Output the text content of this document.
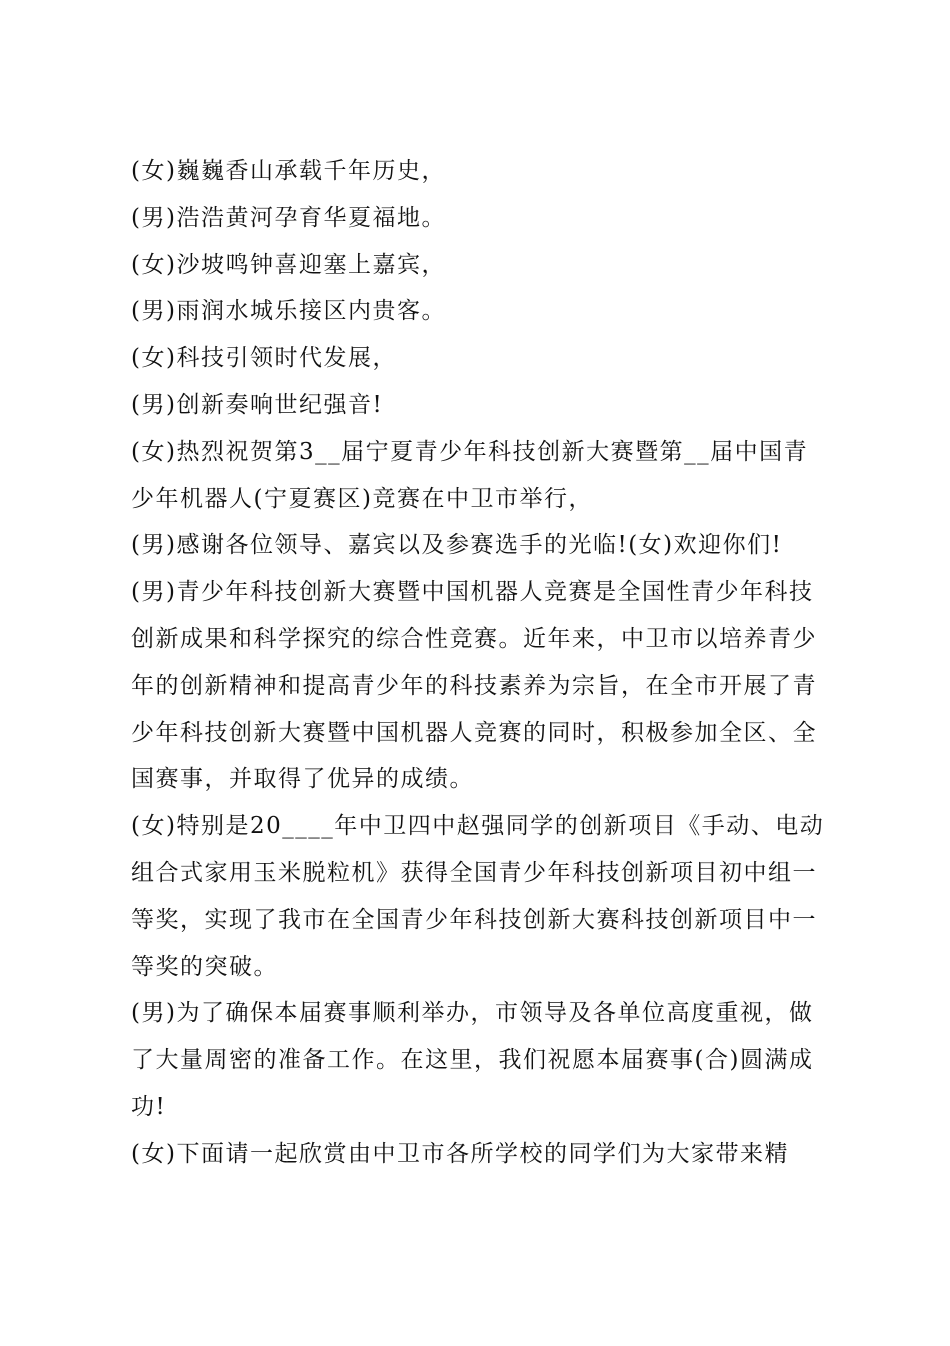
(女)巍巍香山承载千年历史，

(男)浩浩黄河孕育华夏福地。

(女)沙坡鸣钟喜迎塞上嘉宾，

(男)雨润水城乐接区内贵客。

(女)科技引领时代发展，

(男)创新奏响世纪强音!

(女)热烈祝贺第3__届宁夏青少年科技创新大赛暨第__届中国青少年机器人(宁夏赛区)竞赛在中卫市举行，

(男)感谢各位领导、嘉宾以及参赛选手的光临!(女)欢迎你们!

(男)青少年科技创新大赛暨中国机器人竞赛是全国性青少年科技创新成果和科学探究的综合性竞赛。近年来，中卫市以培养青少年的创新精神和提高青少年的科技素养为宗旨，在全市开展了青少年科技创新大赛暨中国机器人竞赛的同时，积极参加全区、全国赛事，并取得了优异的成绩。

(女)特别是20____年中卫四中赵强同学的创新项目《手动、电动组合式家用玉米脱粒机》获得全国青少年科技创新项目初中组一等奖，实现了我市在全国青少年科技创新大赛科技创新项目中一等奖的突破。

(男)为了确保本届赛事顺利举办，市领导及各单位高度重视，做了大量周密的准备工作。在这里，我们祝愿本届赛事(合)圆满成功!

(女)下面请一起欣赏由中卫市各所学校的同学们为大家带来精
